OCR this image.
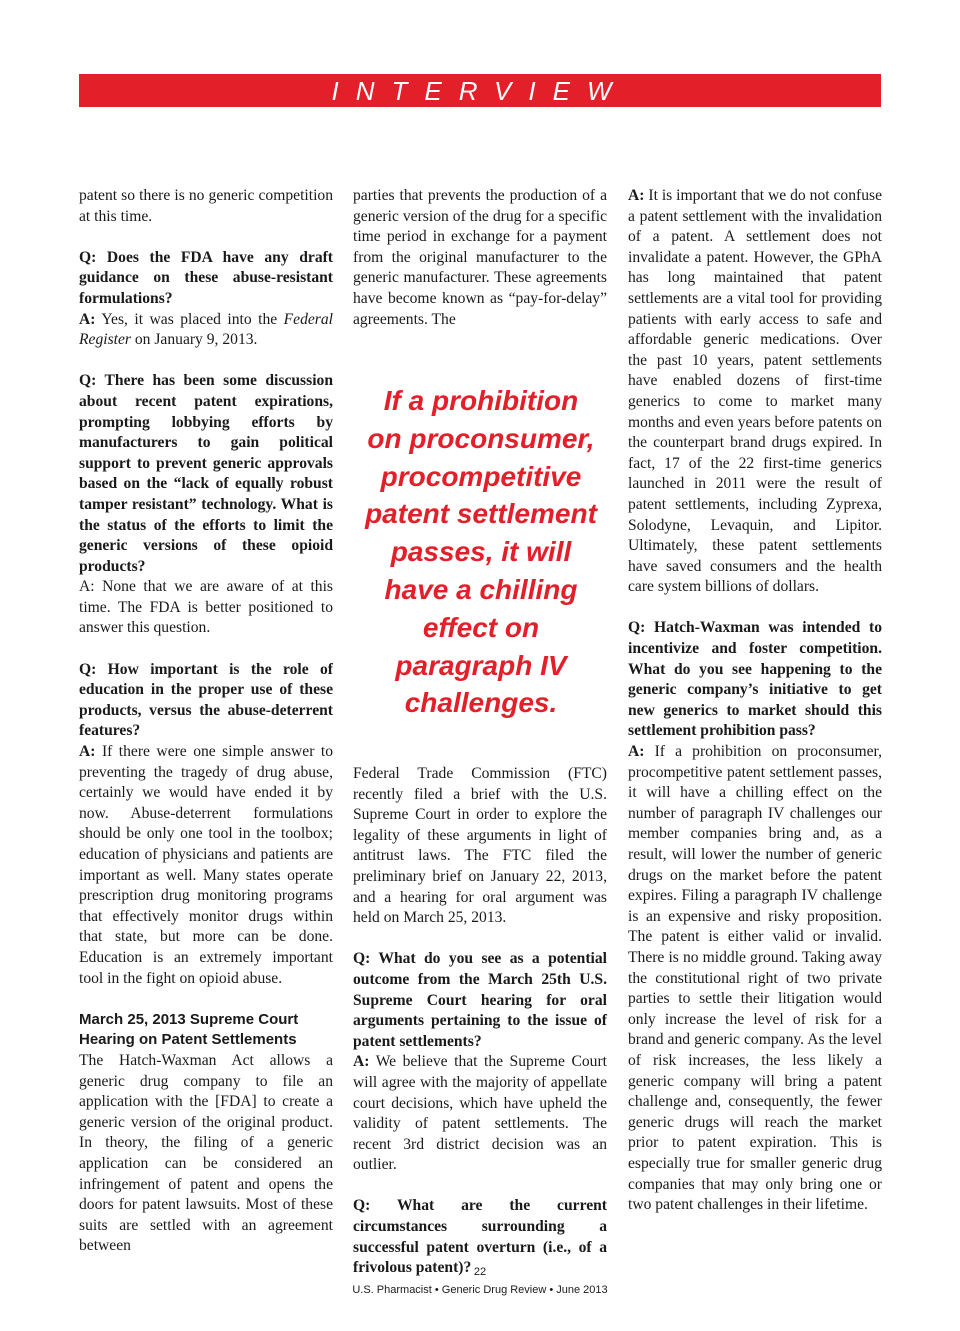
INTERVIEW

patent so there is no generic competition at this time.

Q: Does the FDA have any draft guidance on these abuse-resistant formulations?

A: Yes, it was placed into the Federal Register on January 9, 2013.

Q: There has been some discussion about recent patent expirations, prompting lobbying efforts by manufacturers to gain political support to prevent generic approvals based on the “lack of equally robust tamper resistant” technology. What is the status of the efforts to limit the generic versions of these opioid products?

A: None that we are aware of at this time. The FDA is better positioned to answer this question.

Q: How important is the role of education in the proper use of these products, versus the abuse-deterrent features?

A: If there were one simple answer to preventing the tragedy of drug abuse, certainly we would have ended it by now. Abuse-deterrent formulations should be only one tool in the toolbox; education of physicians and patients are important as well. Many states operate prescription drug monitoring programs that effectively monitor drugs within that state, but more can be done. Education is an extremely important tool in the fight on opioid abuse.

March 25, 2013 Supreme Court Hearing on Patent Settlements

The Hatch-Waxman Act allows a generic drug company to file an application with the [FDA] to create a generic version of the original product. In theory, the filing of a generic application can be considered an infringement of patent and opens the doors for patent lawsuits. Most of these suits are settled with an agreement between

parties that prevents the production of a generic version of the drug for a specific time period in exchange for a payment from the original manufacturer to the generic manufacturer. These agreements have become known as “pay-for-delay” agreements. The

If a prohibition
on proconsumer,
procompetitive
patent settlement
passes, it will
have a chilling
effect on
paragraph IV
challenges.

Federal Trade Commission (FTC) recently filed a brief with the U.S. Supreme Court in order to explore the legality of these arguments in light of antitrust laws. The FTC filed the preliminary brief on January 22, 2013, and a hearing for oral argument was held on March 25, 2013.

Q: What do you see as a potential outcome from the March 25th U.S. Supreme Court hearing for oral arguments pertaining to the issue of patent settlements?

A: We believe that the Supreme Court will agree with the majority of appellate court decisions, which have upheld the validity of patent settlements. The recent 3rd district decision was an outlier.

Q: What are the current circumstances surrounding a successful patent overturn (i.e., of a frivolous patent)?

A: It is important that we do not confuse a patent settlement with the invalidation of a patent. A settlement does not invalidate a patent. However, the GPhA has long maintained that patent settlements are a vital tool for providing patients with early access to safe and affordable generic medications. Over the past 10 years, patent settlements have enabled dozens of first-time generics to come to market many months and even years before patents on the counterpart brand drugs expired. In fact, 17 of the 22 first-time generics launched in 2011 were the result of patent settlements, including Zyprexa, Solodyne, Levaquin, and Lipitor. Ultimately, these patent settlements have saved consumers and the health care system billions of dollars.

Q: Hatch-Waxman was intended to incentivize and foster competition. What do you see happening to the generic company’s initiative to get new generics to market should this settlement prohibition pass?

A: If a prohibition on proconsumer, procompetitive patent settlement passes, it will have a chilling effect on the number of paragraph IV challenges our member companies bring and, as a result, will lower the number of generic drugs on the market before the patent expires. Filing a paragraph IV challenge is an expensive and risky proposition. The patent is either valid or invalid. There is no middle ground. Taking away the constitutional right of two private parties to settle their litigation would only increase the level of risk for a brand and generic company. As the level of risk increases, the less likely a generic company will bring a patent challenge and, consequently, the fewer generic drugs will reach the market prior to patent expiration. This is especially true for smaller generic drug companies that may only bring one or two patent challenges in their lifetime.

22
U.S. Pharmacist • Generic Drug Review • June 2013
